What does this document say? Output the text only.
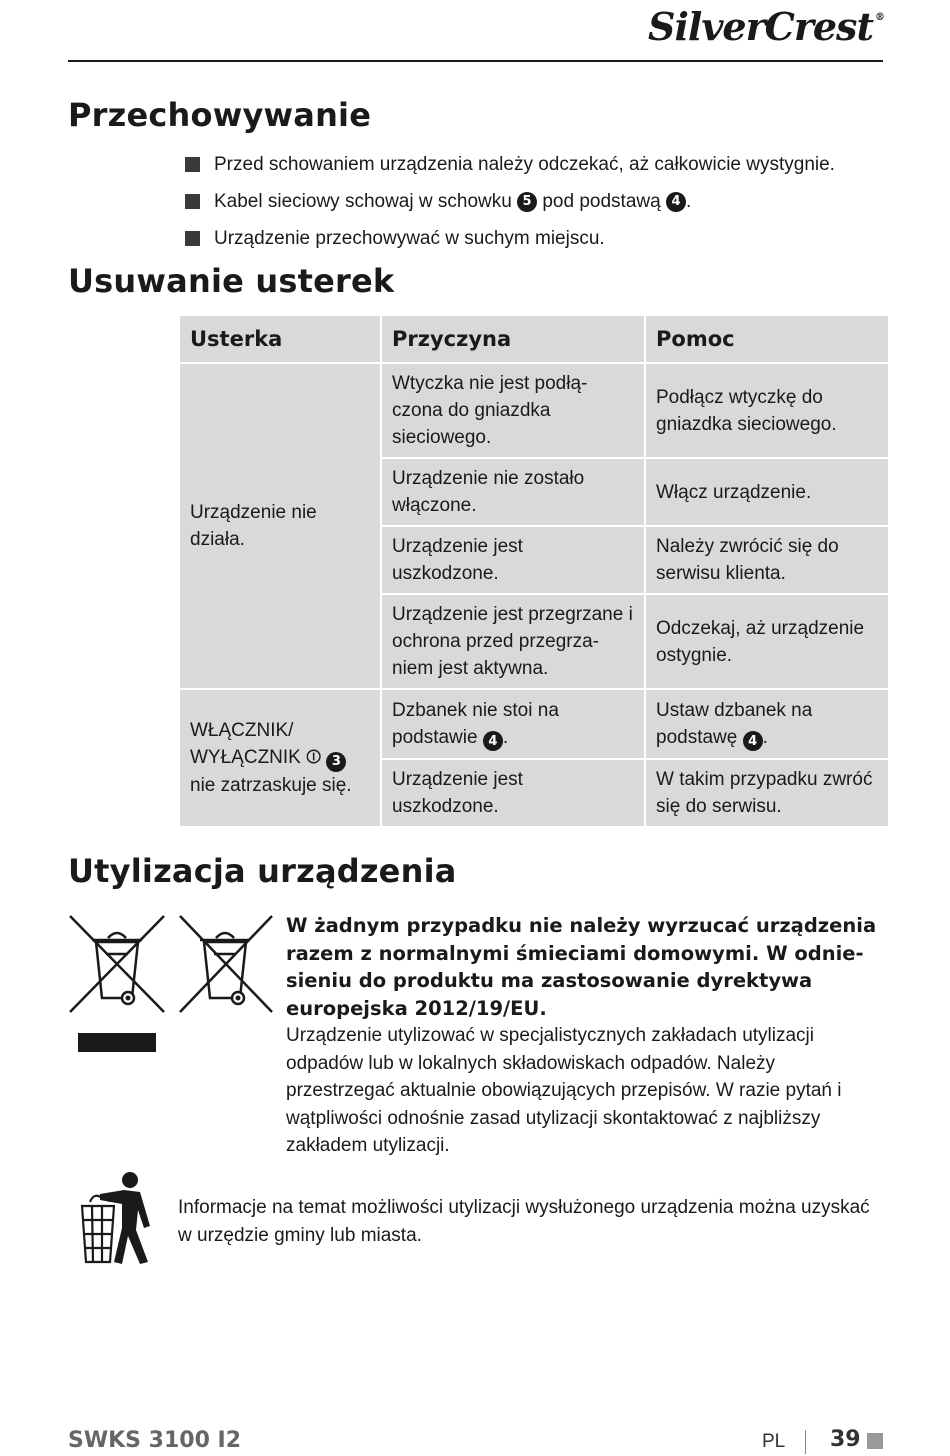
SilverCrest ®
Przechowywanie
Przed schowaniem urządzenia należy odczekać, aż całkowicie wystygnie.
Kabel sieciowy schowaj w schowku
5
pod podstawą
4 .
Urządzenie przechowywać w suchym miejscu.
Usuwanie usterek
Usterka	Przyczyna	Pomoc
Urządzenie nie działa.	Wtyczka nie jest podłą-czona do gniazdka sieciowego.	Podłącz wtyczkę do gniazdka sieciowego.
	Urządzenie nie zostało włączone.	Włącz urządzenie.
	Urządzenie jest uszkodzone.	Należy zwrócić się do serwisu klienta.
	Urządzenie jest przegrzane i ochrona przed przegrza-niem jest aktywna.	Odczekaj, aż urządzenie ostygnie.
WŁĄCZNIK/
WYŁĄCZNIK ⏼ 3
nie zatrzaskuje się.	Dzbanek nie stoi na podstawie 4 .	Ustaw dzbanek na podstawę 4 .
	Urządzenie jest uszkodzone.	W takim przypadku zwróć się do serwisu.
Utylizacja urządzenia
W żadnym przypadku nie należy wyrzucać urządzenia razem z normalnymi śmieciami domowymi. W odnie-sieniu do produktu ma zastosowanie dyrektywa europejska 2012/19/EU.
Urządzenie utylizować w specjalistycznych zakładach utylizacji odpadów lub w lokalnych składowiskach odpadów. Należy przestrzegać aktualnie obowiązujących przepisów. W razie pytań i wątpliwości odnośnie zasad utylizacji skontaktować z najbliższy zakładem utylizacji.
Informacje na temat możliwości utylizacji wysłużonego urządzenia można uzyskać w urzędzie gminy lub miasta.
SWKS 3100 I2	PL 39
